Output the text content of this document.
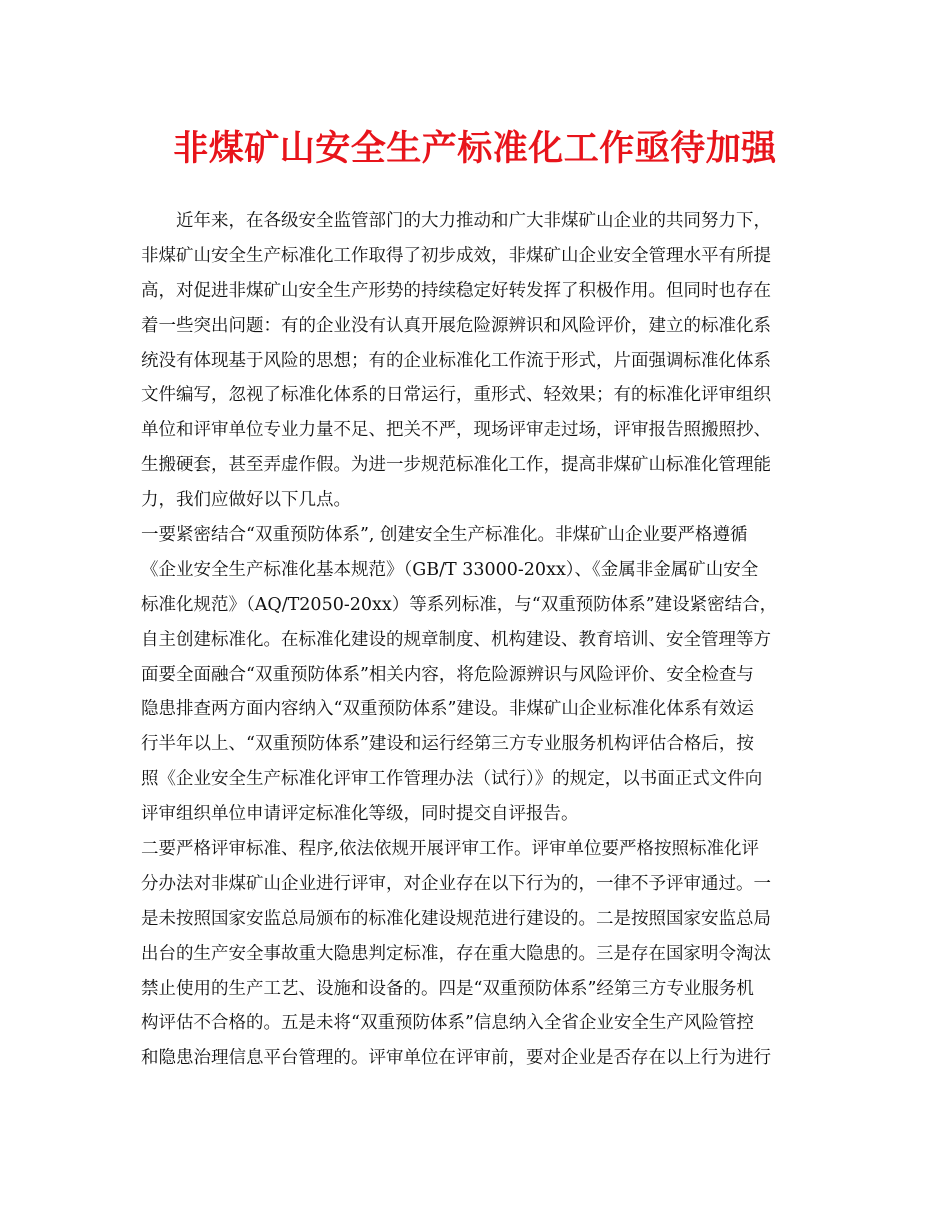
非煤矿山安全生产标准化工作亟待加强
近年来，在各级安全监管部门的大力推动和广大非煤矿山企业的共同努力下，
非煤矿山安全生产标准化工作取得了初步成效，非煤矿山企业安全管理水平有所提
高，对促进非煤矿山安全生产形势的持续稳定好转发挥了积极作用。但同时也存在
着一些突出问题：有的企业没有认真开展危险源辨识和风险评价，建立的标准化系
统没有体现基于风险的思想；有的企业标准化工作流于形式，片面强调标准化体系
文件编写，忽视了标准化体系的日常运行，重形式、轻效果；有的标准化评审组织
单位和评审单位专业力量不足、把关不严，现场评审走过场，评审报告照搬照抄、
生搬硬套，甚至弄虚作假。为进一步规范标准化工作，提高非煤矿山标准化管理能
力，我们应做好以下几点。
一要紧密结合“双重预防体系”, 创建安全生产标准化。非煤矿山企业要严格遵循
《企业安全生产标准化基本规范》（GB/T 33000-20xx）、《金属非金属矿山安全
标准化规范》（AQ/T2050-20xx）等系列标准，与“双重预防体系”建设紧密结合，
自主创建标准化。在标准化建设的规章制度、机构建设、教育培训、安全管理等方
面要全面融合“双重预防体系”相关内容，将危险源辨识与风险评价、安全检查与
隐患排查两方面内容纳入“双重预防体系”建设。非煤矿山企业标准化体系有效运
行半年以上、“双重预防体系”建设和运行经第三方专业服务机构评估合格后，按
照《企业安全生产标准化评审工作管理办法（试行）》的规定，以书面正式文件向
评审组织单位申请评定标准化等级，同时提交自评报告。
二要严格评审标准、程序,依法依规开展评审工作。评审单位要严格按照标准化评
分办法对非煤矿山企业进行评审，对企业存在以下行为的，一律不予评审通过。一
是未按照国家安监总局颁布的标准化建设规范进行建设的。二是按照国家安监总局
出台的生产安全事故重大隐患判定标准，存在重大隐患的。三是存在国家明令淘汰
禁止使用的生产工艺、设施和设备的。四是“双重预防体系”经第三方专业服务机
构评估不合格的。五是未将“双重预防体系”信息纳入全省企业安全生产风险管控
和隐患治理信息平台管理的。评审单位在评审前，要对企业是否存在以上行为进行
